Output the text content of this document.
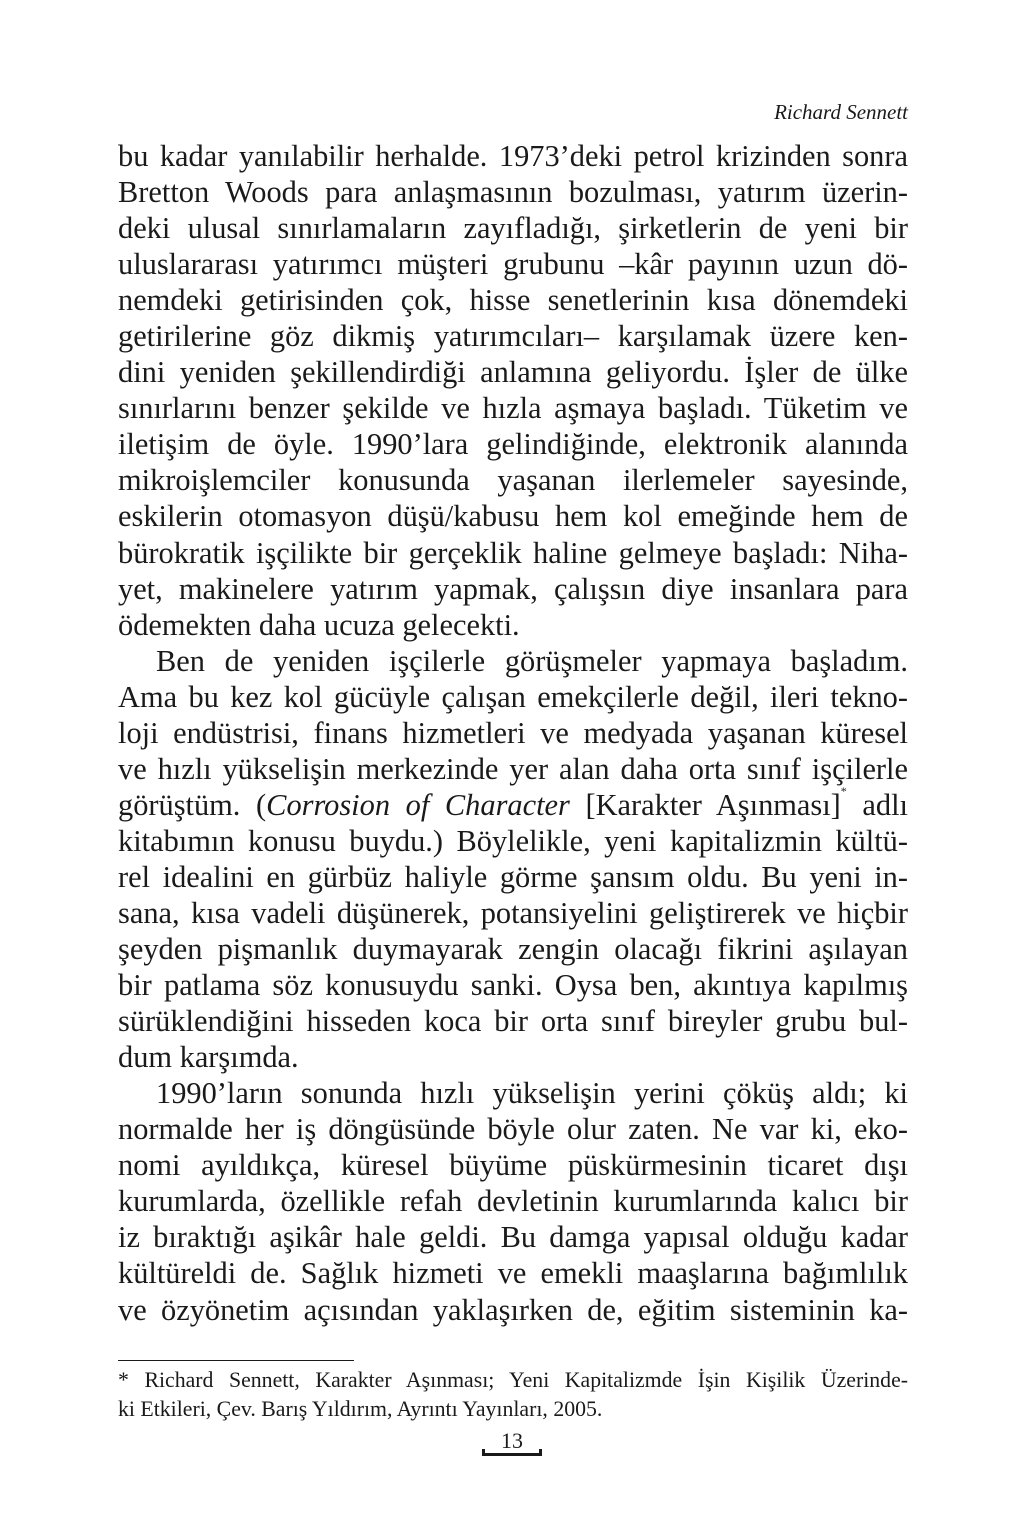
Richard Sennett
bu kadar yanılabilir herhalde. 1973’deki petrol krizinden sonra
Bretton Woods para anlaşmasının bozulması, yatırım üzerin-
deki ulusal sınırlamaların zayıfladığı, şirketlerin de yeni bir
uluslararası yatırımcı müşteri grubunu –kâr payının uzun dö-
nemdeki getirisinden çok, hisse senetlerinin kısa dönemdeki
getirilerine göz dikmiş yatırımcıları– karşılamak üzere ken-
dini yeniden şekillendirdiği anlamına geliyordu. İşler de ülke
sınırlarını benzer şekilde ve hızla aşmaya başladı. Tüketim ve
iletişim de öyle. 1990’lara gelindiğinde, elektronik alanında
mikroişlemciler konusunda yaşanan ilerlemeler sayesinde,
eskilerin otomasyon düşü/kabusu hem kol emeğinde hem de
bürokratik işçilikte bir gerçeklik haline gelmeye başladı: Niha-
yet, makinelere yatırım yapmak, çalışsın diye insanlara para
ödemekten daha ucuza gelecekti.
Ben de yeniden işçilerle görüşmeler yapmaya başladım.
Ama bu kez kol gücüyle çalışan emekçilerle değil, ileri tekno-
loji endüstrisi, finans hizmetleri ve medyada yaşanan küresel
ve hızlı yükselişin merkezinde yer alan daha orta sınıf işçilerle
görüştüm. (Corrosion of Character [Karakter Aşınması]* adlı
kitabımın konusu buydu.) Böylelikle, yeni kapitalizmin kültü-
rel idealini en gürbüz haliyle görme şansım oldu. Bu yeni in-
sana, kısa vadeli düşünerek, potansiyelini geliştirerek ve hiçbir
şeyden pişmanlık duymayarak zengin olacağı fikrini aşılayan
bir patlama söz konusuydu sanki. Oysa ben, akıntıya kapılmış
sürüklendiğini hisseden koca bir orta sınıf bireyler grubu bul-
dum karşımda.
1990’ların sonunda hızlı yükselişin yerini çöküş aldı; ki
normalde her iş döngüsünde böyle olur zaten. Ne var ki, eko-
nomi ayıldıkça, küresel büyüme püskürmesinin ticaret dışı
kurumlarda, özellikle refah devletinin kurumlarında kalıcı bir
iz bıraktığı aşikâr hale geldi. Bu damga yapısal olduğu kadar
kültüreldi de. Sağlık hizmeti ve emekli maaşlarına bağımlılık
ve özyönetim açısından yaklaşırken de, eğitim sisteminin ka-
* Richard Sennett, Karakter Aşınması; Yeni Kapitalizmde İşin Kişilik Üzerinde-
ki Etkileri, Çev. Barış Yıldırım, Ayrıntı Yayınları, 2005.
13
